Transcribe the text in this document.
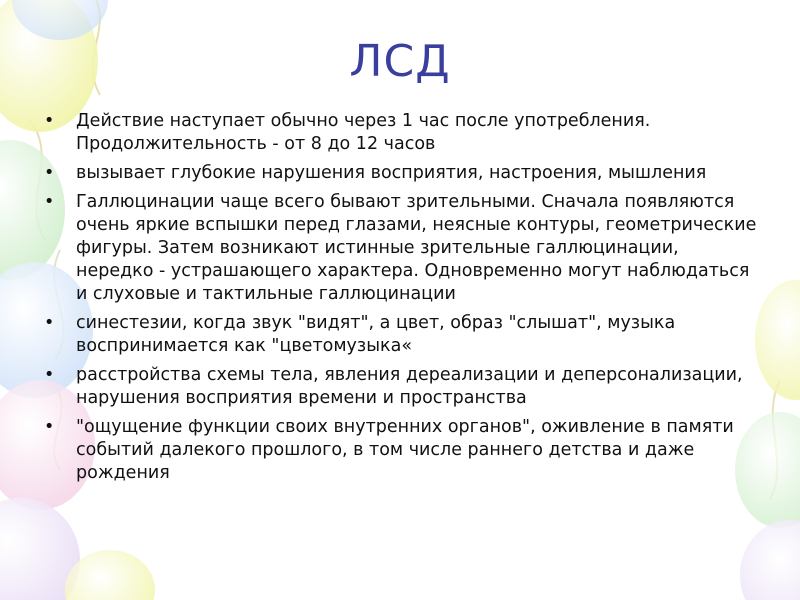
ЛСД
• Действие наступает обычно через 1 час после употребления. Продолжительность - от 8 до 12 часов
• вызывает глубокие нарушения восприятия, настроения, мышления
• Галлюцинации чаще всего бывают зрительными. Сначала появляются очень яркие вспышки перед глазами, неясные контуры, геометрические фигуры. Затем возникают истинные зрительные галлюцинации, нередко - устрашающего характера. Одновременно могут наблюдаться и слуховые и тактильные галлюцинации
• синестезии, когда звук "видят", а цвет, образ "слышат", музыка воспринимается как "цветомузыка«
• расстройства схемы тела, явления дереализации и деперсонализации, нарушения восприятия времени и пространства
• "ощущение функции своих внутренних органов", оживление в памяти событий далекого прошлого, в том числе раннего детства и даже рождения
